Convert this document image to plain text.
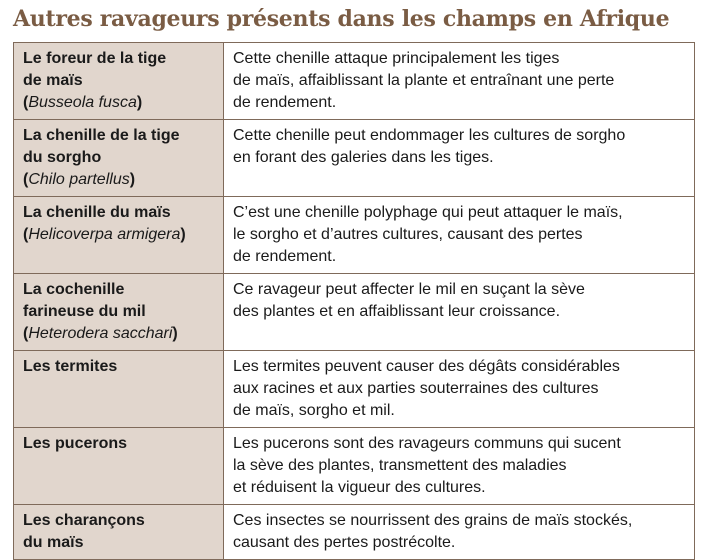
Autres ravageurs présents dans les champs en Afrique
Le foreur de la tige
de maïs
(Busseola fusca)	Cette chenille attaque principalement les tiges
de maïs, affaiblissant la plante et entraînant une perte
de rendement.

La chenille de la tige
du sorgho
(Chilo partellus)	Cette chenille peut endommager les cultures de sorgho
en forant des galeries dans les tiges.

La chenille du maïs
(Helicoverpa armigera)	C’est une chenille polyphage qui peut attaquer le maïs,
le sorgho et d’autres cultures, causant des pertes
de rendement.

La cochenille
farineuse du mil
(Heterodera sacchari)	Ce ravageur peut affecter le mil en suçant la sève
des plantes et en affaiblissant leur croissance.

Les termites	Les termites peuvent causer des dégâts considérables
aux racines et aux parties souterraines des cultures
de maïs, sorgho et mil.

Les pucerons	Les pucerons sont des ravageurs communs qui sucent
la sève des plantes, transmettent des maladies
et réduisent la vigueur des cultures.

Les charançons
du maïs	Ces insectes se nourrissent des grains de maïs stockés,
causant des pertes postrécolte.
